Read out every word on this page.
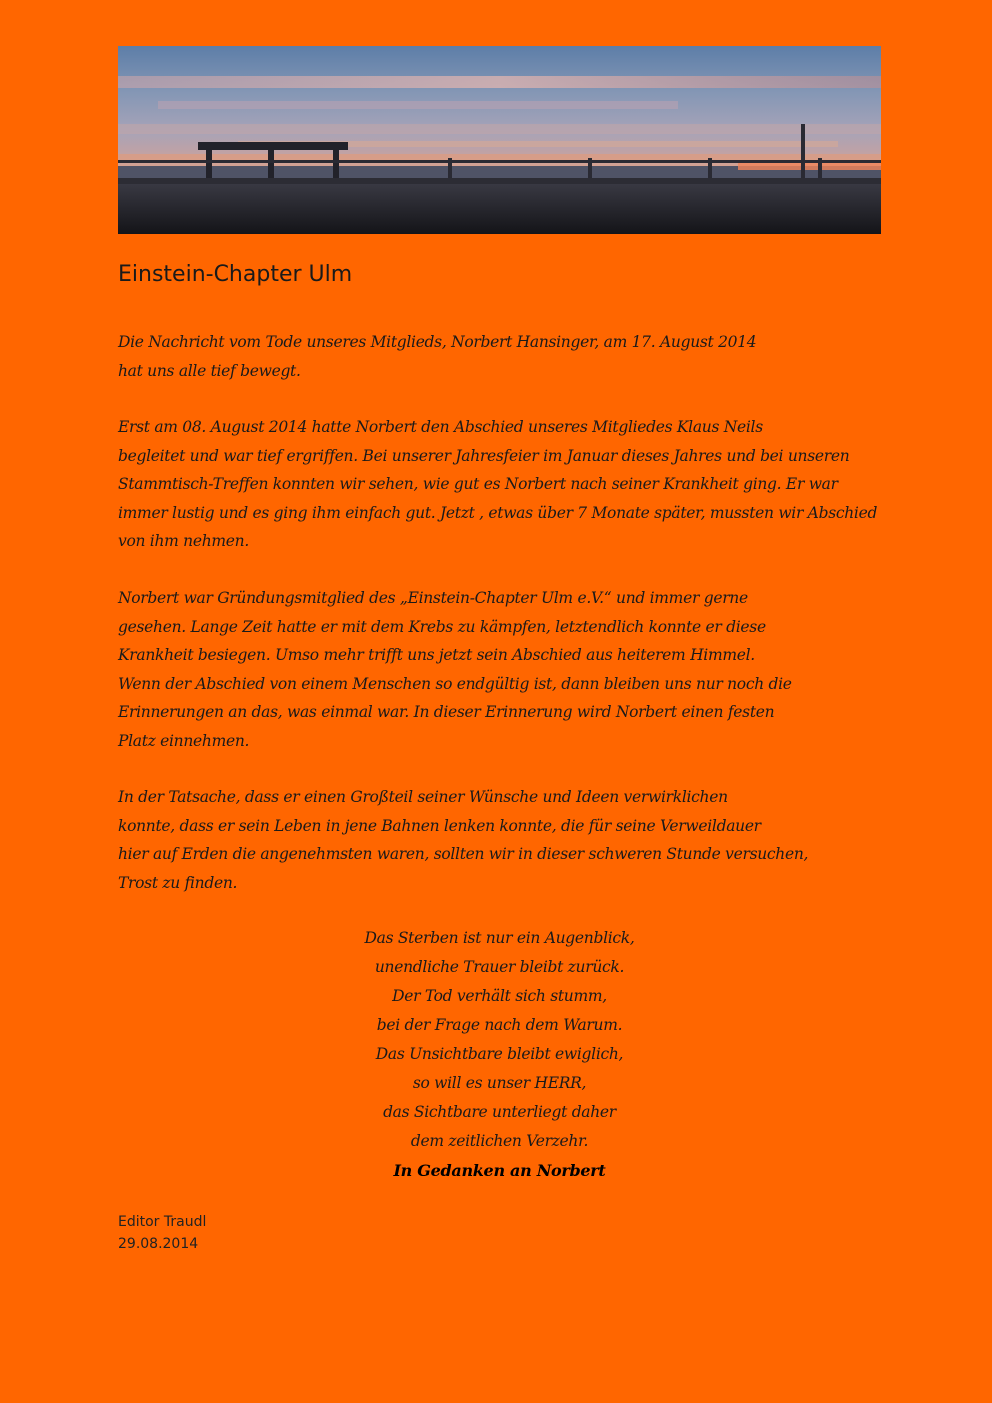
Einstein-Chapter Ulm
Die Nachricht vom Tode unseres Mitglieds, Norbert Hansinger, am 17. August 2014
hat uns alle tief bewegt.
Erst am 08. August 2014 hatte Norbert den Abschied unseres Mitgliedes Klaus Neils
begleitet und war tief ergriffen. Bei unserer Jahresfeier im Januar dieses Jahres und bei unseren
Stammtisch-Treffen konnten wir sehen, wie gut es Norbert nach seiner Krankheit ging. Er war
immer lustig und es ging ihm einfach gut. Jetzt , etwas über 7 Monate später, mussten wir Abschied
von ihm nehmen.
Norbert war Gründungsmitglied des „Einstein-Chapter Ulm e.V.“ und immer gerne
gesehen. Lange Zeit hatte er mit dem Krebs zu kämpfen, letztendlich konnte er diese
Krankheit besiegen. Umso mehr trifft uns jetzt sein Abschied aus heiterem Himmel.
Wenn der Abschied von einem Menschen so endgültig ist, dann bleiben uns nur noch die
Erinnerungen an das, was einmal war. In dieser Erinnerung wird Norbert einen festen
Platz einnehmen.
In der Tatsache, dass er einen Großteil seiner Wünsche und Ideen verwirklichen
konnte, dass er sein Leben in jene Bahnen lenken konnte, die für seine Verweildauer
hier auf Erden die angenehmsten waren, sollten wir in dieser schweren Stunde versuchen,
Trost zu finden.
Das Sterben ist nur ein Augenblick,
unendliche Trauer bleibt zurück.
Der Tod verhält sich stumm,
bei der Frage nach dem Warum.
Das Unsichtbare bleibt ewiglich,
so will es unser HERR,
das Sichtbare unterliegt daher
dem zeitlichen Verzehr.
In Gedanken an Norbert
Editor Traudl
29.08.2014
